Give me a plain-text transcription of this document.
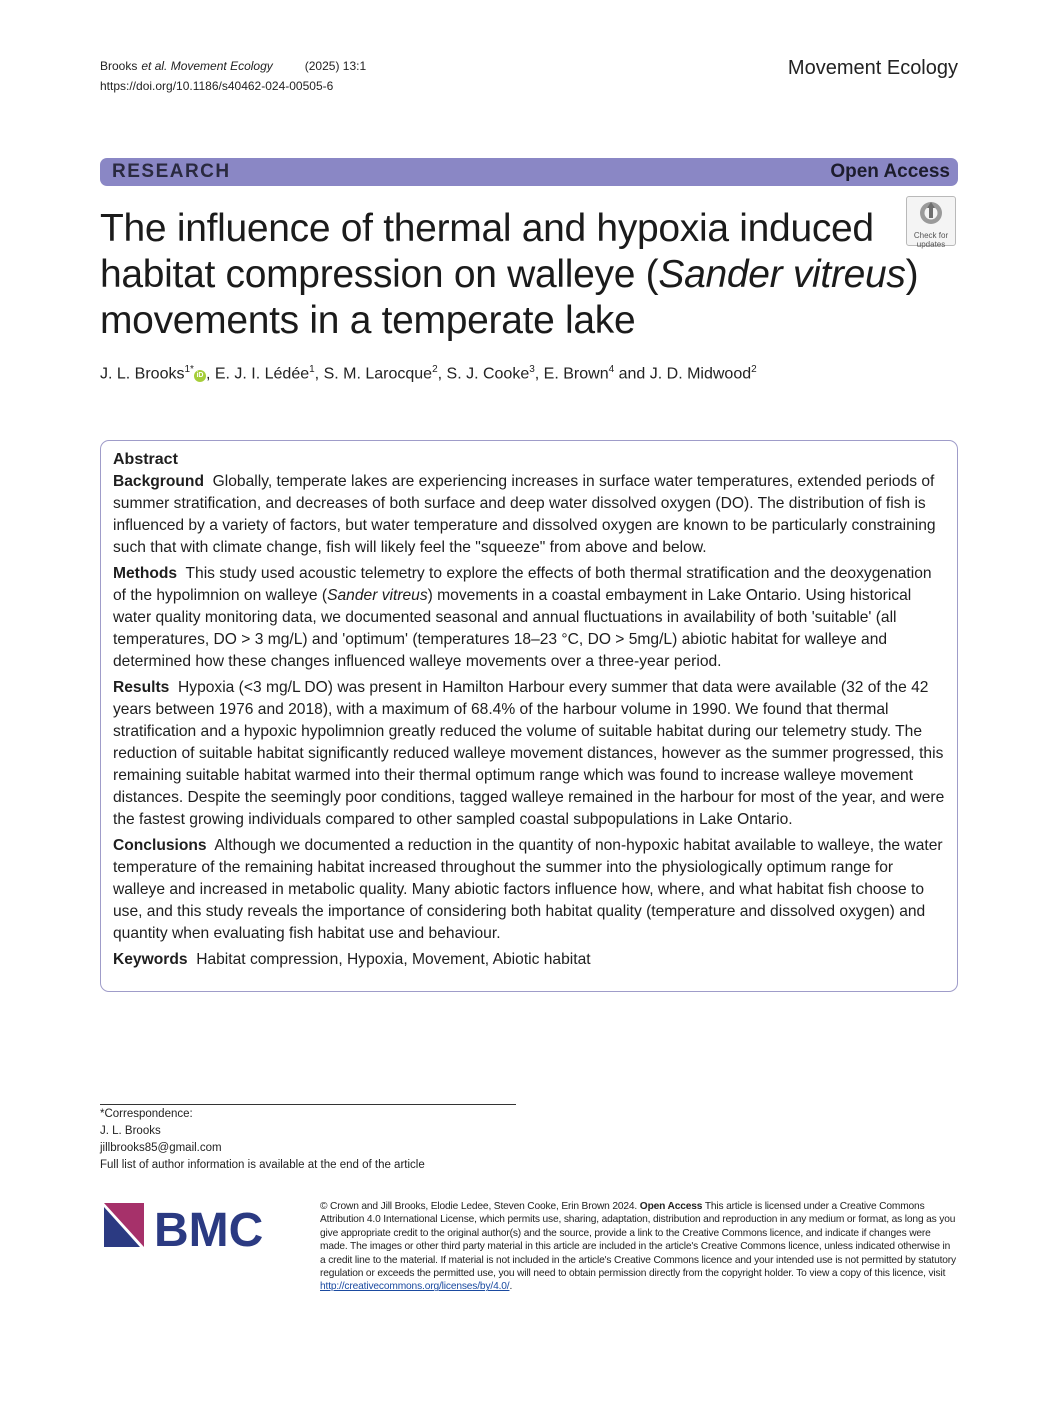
Brooks et al. Movement Ecology	(2025) 13:1
https://doi.org/10.1186/s40462-024-00505-6
Movement Ecology
RESEARCH	Open Access
The influence of thermal and hypoxia induced habitat compression on walleye (Sander vitreus) movements in a temperate lake
Check for
updates
J. L. Brooks$^{1*}$iD , E. J. I. Lédée$^1$, S. M. Larocque$^2$, S. J. Cooke$^3$, E. Brown$^4$ and J. D. Midwood$^2$
Abstract

Background Globally, temperate lakes are experiencing increases in surface water temperatures, extended periods of summer stratification, and decreases of both surface and deep water dissolved oxygen (DO). The distribution of fish is influenced by a variety of factors, but water temperature and dissolved oxygen are known to be particularly constraining such that with climate change, fish will likely feel the "squeeze" from above and below.

Methods This study used acoustic telemetry to explore the effects of both thermal stratification and the deoxygenation of the hypolimnion on walleye (Sander vitreus) movements in a coastal embayment in Lake Ontario. Using historical water quality monitoring data, we documented seasonal and annual fluctuations in availability of both 'suitable' (all temperatures, DO > 3 mg/L) and 'optimum' (temperatures 18–23 °C, DO > 5mg/L) abiotic habitat for walleye and determined how these changes influenced walleye movements over a three-year period.

Results Hypoxia (<3 mg/L DO) was present in Hamilton Harbour every summer that data were available (32 of the 42 years between 1976 and 2018), with a maximum of 68.4% of the harbour volume in 1990. We found that thermal stratification and a hypoxic hypolimnion greatly reduced the volume of suitable habitat during our telemetry study. The reduction of suitable habitat significantly reduced walleye movement distances, however as the summer progressed, this remaining suitable habitat warmed into their thermal optimum range which was found to increase walleye movement distances. Despite the seemingly poor conditions, tagged walleye remained in the harbour for most of the year, and were the fastest growing individuals compared to other sampled coastal subpopulations in Lake Ontario.

Conclusions Although we documented a reduction in the quantity of non-hypoxic habitat available to walleye, the water temperature of the remaining habitat increased throughout the summer into the physiologically optimum range for walleye and increased in metabolic quality. Many abiotic factors influence how, where, and what habitat fish choose to use, and this study reveals the importance of considering both habitat quality (temperature and dissolved oxygen) and quantity when evaluating fish habitat use and behaviour.

Keywords Habitat compression, Hypoxia, Movement, Abiotic habitat

*Correspondence:
J. L. Brooks
jillbrooks85@gmail.com
Full list of author information is available at the end of the article
BMC	© Crown and Jill Brooks, Elodie Ledee, Steven Cooke, Erin Brown 2024. Open Access This article is licensed under a Creative Commons Attribution 4.0 International License, which permits use, sharing, adaptation, distribution and reproduction in any medium or format, as long as you give appropriate credit to the original author(s) and the source, provide a link to the Creative Commons licence, and indicate if changes were made. The images or other third party material in this article are included in the article's Creative Commons licence, unless indicated otherwise in a credit line to the material. If material is not included in the article's Creative Commons licence and your intended use is not permitted by statutory regulation or exceeds the permitted use, you will need to obtain permission directly from the copyright holder. To view a copy of this licence, visit http://creativecommons.org/licenses/by/4.0/.
